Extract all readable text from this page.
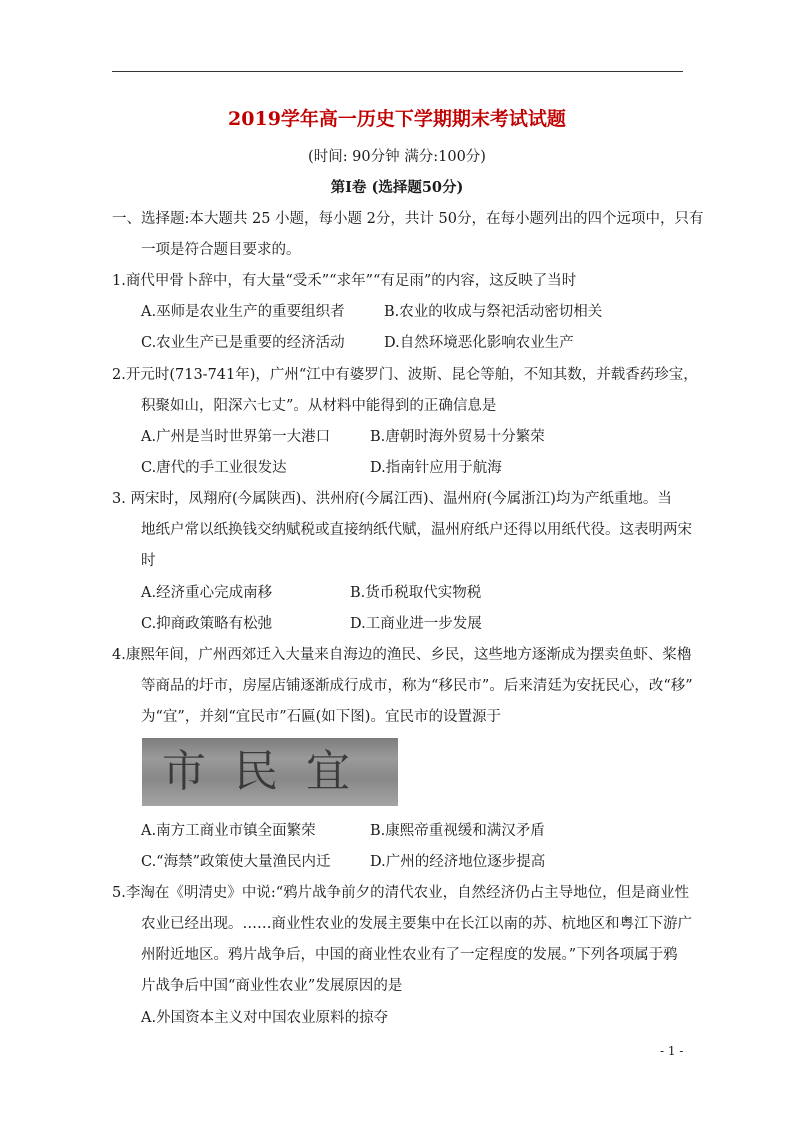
2019学年高一历史下学期期末考试试题
(时间: 90分钟 满分:100分)
第Ⅰ卷 (选择题50分)
一、选择题:本大题共 25 小题，每小题 2分，共计 50分，在每小题列出的四个远项中，只有
一项是符合题目要求的。
1.商代甲骨卜辞中，有大量“受禾”“求年”“有足雨”的内容，这反映了当时
A.巫师是农业生产的重要组织者	B.农业的收成与祭祀活动密切相关
C.农业生产已是重要的经济活动	D.自然环境恶化影响农业生产
2.开元时(713-741年)，广州“江中有婆罗门、波斯、昆仑等舶，不知其数，并载香药珍宝，
积聚如山，阳深六七丈”。从材料中能得到的正确信息是
A.广州是当时世界第一大港口	B.唐朝时海外贸易十分繁荣
C.唐代的手工业很发达	D.指南针应用于航海
3. 两宋时，凤翔府(今属陕西)、洪州府(今属江西)、温州府(今属浙江)均为产纸重地。当
地纸户常以纸换钱交纳赋税或直接纳纸代赋，温州府纸户还得以用纸代役。这表明两宋
时
A.经济重心完成南移	B.货币税取代实物税
C.抑商政策略有松弛	D.工商业进一步发展
4.康熙年间，广州西郊迁入大量来自海边的渔民、乡民，这些地方逐渐成为摆卖鱼虾、桨櫓
等商品的圩市，房屋店铺逐渐成行成市，称为“移民市”。后来清廷为安抚民心，改“移”
为“宜”，并刻“宜民市”石匾(如下图)。宜民市的设置源于
市民宜
A.南方工商业市镇全面繁荣	B.康熙帝重视缓和满汉矛盾
C.“海禁”政策使大量渔民内迁	D.广州的经济地位逐步提高
5.李淘在《明清史》中说:“鸦片战争前夕的清代农业，自然经济仍占主导地位，但是商业性
农业已经出现。……商业性农业的发展主要集中在长江以南的苏、杭地区和粤江下游广
州附近地区。鸦片战争后，中国的商业性农业有了一定程度的发展。”下列各项属于鸦
片战争后中国“商业性农业”发展原因的是
A.外国资本主义对中国农业原料的掠夺
- 1 -
